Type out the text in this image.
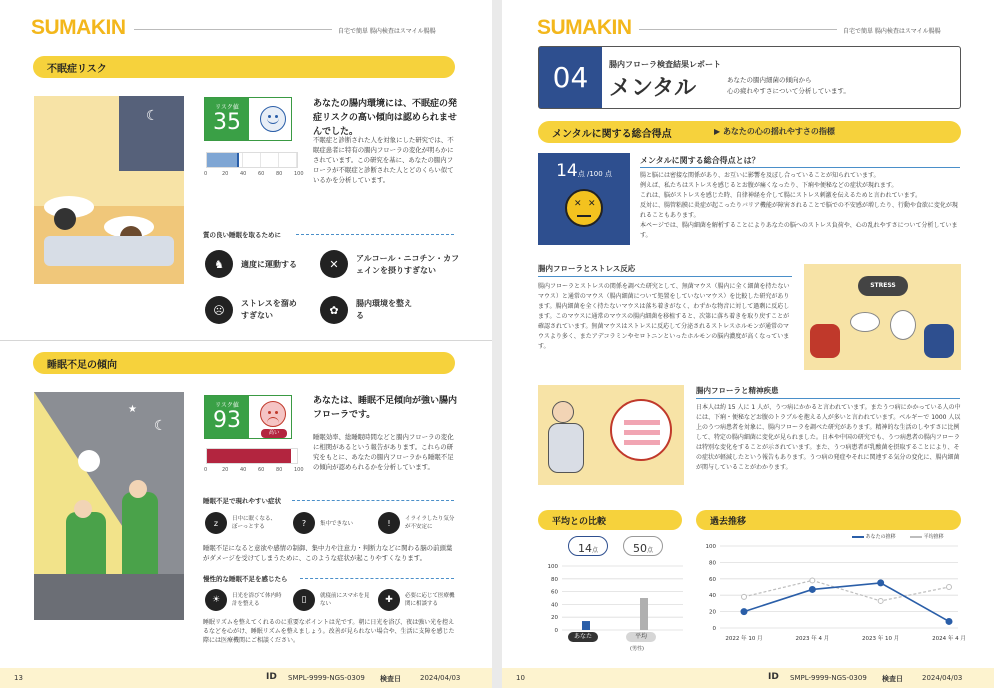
SUMAKIN	自宅で簡単 腸内検査はスマイル腸腸
不眠症リスク
☾
リスク値
35
あなたの腸内環境には、不眠症の発症リスクの高い傾向は認められませんでした。
不眠症と診断された人を対象にした研究では、不眠症患者に特有の腸内フローラの変化が明らかにされています。この研究を基に、あなたの腸内フローラが不眠症と診断された人とどのくらい似ているかを分析しています。
0	20 40 60 80 100
質の良い睡眠を取るために
♞	適度に運動する	✕	アルコール・ニコチン・カフェインを摂りすぎない
☹	ストレスを溜めすぎない	✿	腸内環境を整える
睡眠不足の傾向
★
☾
リスク値
93	高い
あなたは、睡眠不足傾向が強い腸内フローラです。
睡眠効率、総睡眠時間などと腸内フローラの変化に相関があるという報告があります。これらの研究をもとに、あなたの腸内フローラから睡眠不足の傾向が認められるかを分析しています。
0	20 40 60 80 100
睡眠不足で現れやすい症状
z	日中に眠くなる、ぼーっとする	?	集中できない	!	イライラしたり気分が不安定に
睡眠不足になると意欲や感情の制御、集中力や注意力・判断力などに関わる脳の前頭葉がダメージを受けてしまうために、このような症状が起こりやすくなります。
慢性的な睡眠不足を感じたら
☀	日光を浴びて体内時計を整える	▯	就寝前にスマホを見ない	✚	必要に応じて医療機関に相談する
睡眠リズムを整えてくれるのに重要なポイントは光です。朝に日光を浴び、夜は強い光を控えるなどを心がけ、睡眠リズムを整えましょう。改善が見られない場合や、生活に支障を感じた際には医療機関にご相談ください。
13	ID SMPL-9999-NGS-0309 検査日	2024/04/03
SUMAKIN	自宅で簡単 腸内検査はスマイル腸腸
04	腸内フローラ検査結果レポート
メンタル	あなたの腸内細菌の傾向から
心の疲れやすさについて分析しています。
メンタルに関する総合得点	▶ あなたの心の揺れやすさの指標
14点 /100 点
✕ ✕
メンタルに関する総合得点とは？
腸と脳には密接な関係があり、お互いに影響を及ぼし合っていることが知られています。
例えば、私たちはストレスを感じるとお腹が痛くなったり、下痢や便秘などの症状が現れます。
これは、脳がストレスを感じた時、自律神経を介して腸にストレス刺激を伝えるためと言われています。
反対に、腸管粘膜に炎症が起こったりバリア機能が障害されることで脳での不安感が増したり、行動や食欲に変化が現れることもあります。
本ページでは、腸内細菌を解析することによりあなたの脳へのストレス負荷や、心の乱れやすさについて分析しています。
腸内フローラとストレス反応
腸内フローラとストレスの関係を調べた研究として、無菌マウス（腸内に全く細菌を持たないマウス）と通常のマウス（腸内細菌について処置をしていないマウス）を比較した研究があります。腸内細菌を全く持たないマウスは落ち着きがなく、わずかな物音に対して過剰に反応します。このマウスに通常のマウスの腸内細菌を移植すると、次第に落ち着きを取り戻すことが確認されています。無菌マウスはストレスに反応して分泌されるストレスホルモンが通常のマウスより多く、またアデコラミンやセロトニンといったホルモンの脳内濃度が高くなっています。
STRESS
腸内フローラと精神疾患
日本人は約 15 人に 1 人が、うつ病にかかると言われています。またうつ病にかかっている人の中には、下痢・便秘などお腹のトラブルを抱える人が多いと言われています。ベルギーで 1000 人以上のうつ病患者を対象に、腸内フローラを調べた研究があります。精神的な生活のしやすさに比例して、特定の腸内細菌に変化が見られました。日本や中国の研究でも、うつ病患者の腸内フローラは特別な変化をすることが示されています。また、うつ病患者が乳酸菌を摂取することにより、その症状が軽減したという報告もあります。うつ病の発症やそれに関連する気分の変化に、腸内細菌が関与していることがわかります。
平均との比較
14点	50点
0
20
40
60
80
100
あなた	平均
(男性)
過去推移
あなたの推移	平均推移
0
20
40
60
80
100
2022 年 10 月	2023 年 4 月	2023 年 10 月	2024 年 4 月
10	ID SMPL-9999-NGS-0309 検査日	2024/04/03
